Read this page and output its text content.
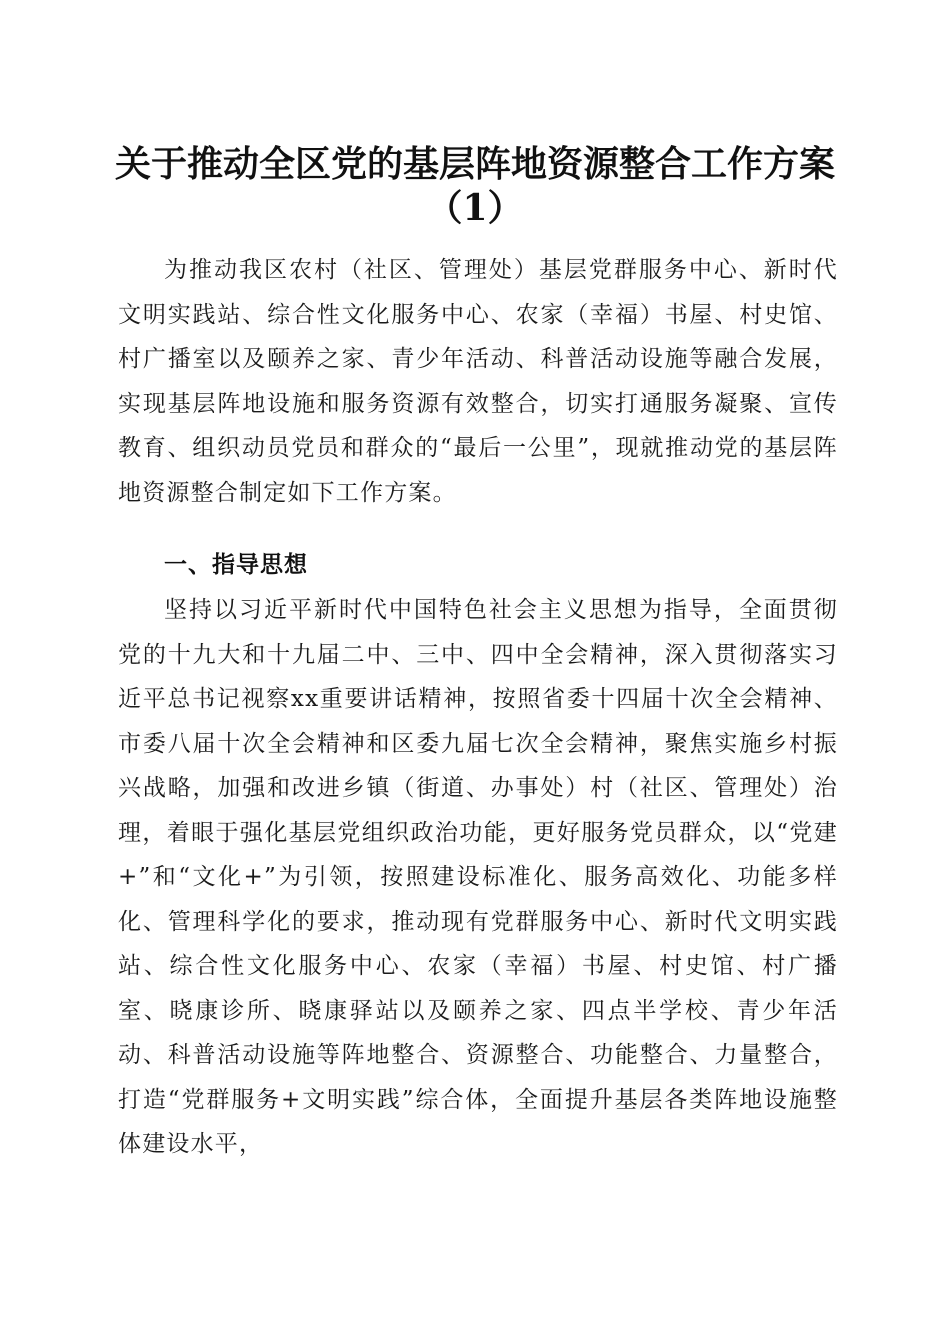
关于推动全区党的基层阵地资源整合工作方案
（1）
为推动我区农村（社区、管理处）基层党群服务中心、新时代文明实践站、综合性文化服务中心、农家（幸福）书屋、村史馆、村广播室以及颐养之家、青少年活动、科普活动设施等融合发展，实现基层阵地设施和服务资源有效整合，切实打通服务凝聚、宣传教育、组织动员党员和群众的“最后一公里”，现就推动党的基层阵地资源整合制定如下工作方案。
一、指导思想
坚持以习近平新时代中国特色社会主义思想为指导，全面贯彻党的十九大和十九届二中、三中、四中全会精神，深入贯彻落实习近平总书记视察xx重要讲话精神，按照省委十四届十次全会精神、市委八届十次全会精神和区委九届七次全会精神，聚焦实施乡村振兴战略，加强和改进乡镇（街道、办事处）村（社区、管理处）治理，着眼于强化基层党组织政治功能，更好服务党员群众，以“党建+”和“文化+”为引领，按照建设标准化、服务高效化、功能多样化、管理科学化的要求，推动现有党群服务中心、新时代文明实践站、综合性文化服务中心、农家（幸福）书屋、村史馆、村广播室、晓康诊所、晓康驿站以及颐养之家、四点半学校、青少年活动、科普活动设施等阵地整合、资源整合、功能整合、力量整合，打造“党群服务+文明实践”综合体，全面提升基层各类阵地设施整体建设水平，
